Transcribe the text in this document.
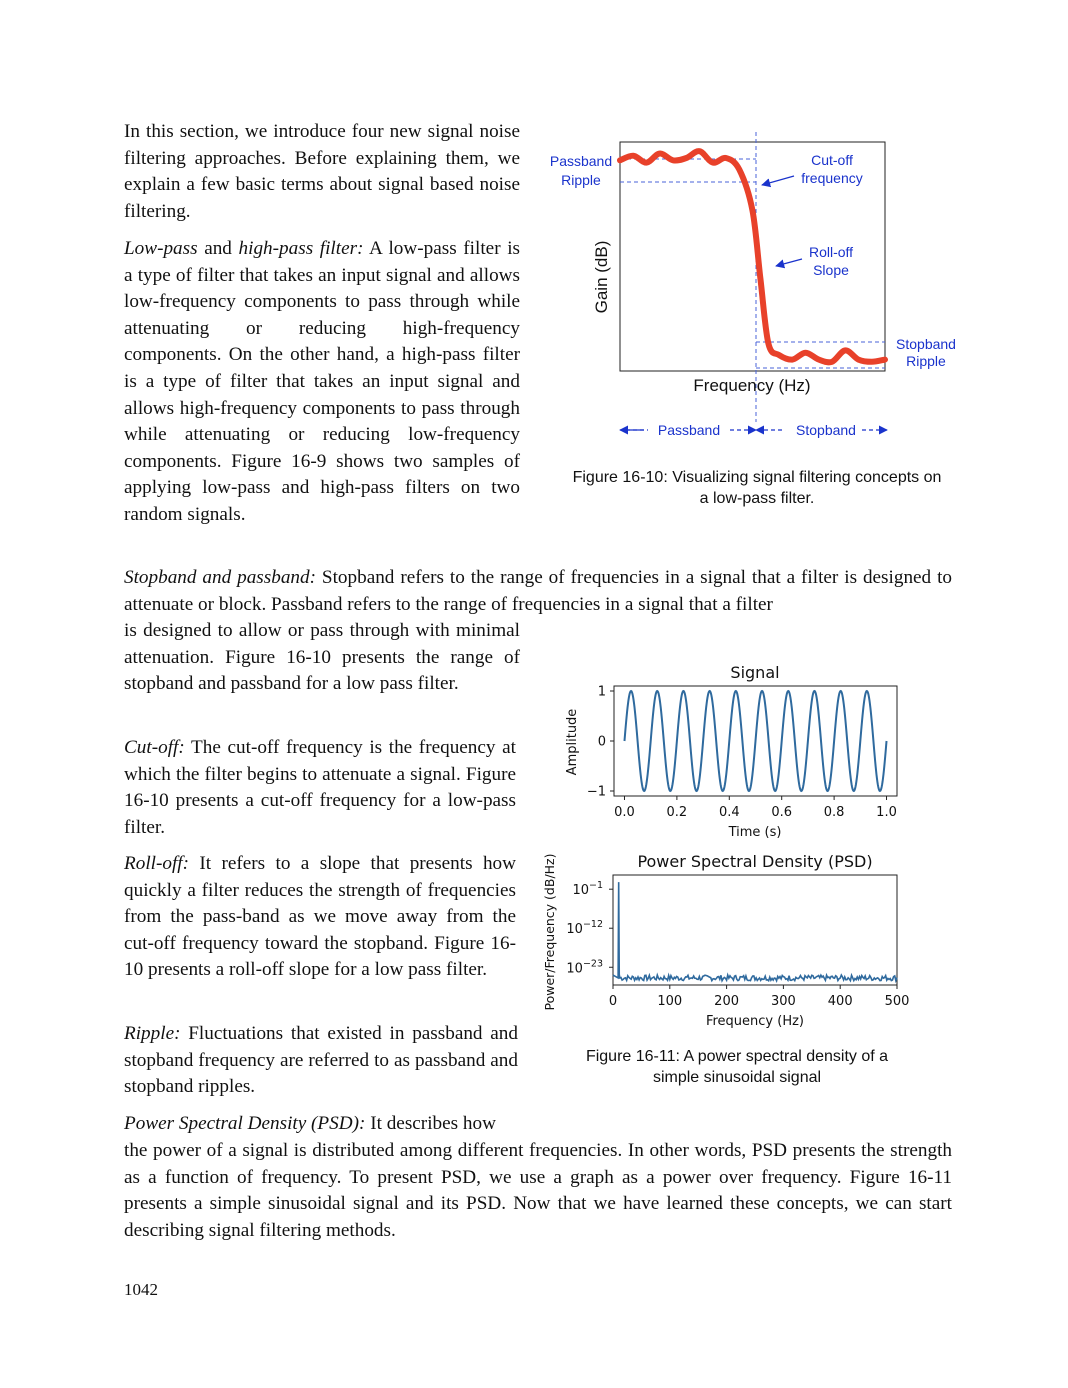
In this section, we introduce four new signal noise filtering approaches. Before explaining them, we explain a few basic terms about signal based noise filtering.

Low-pass and high-pass filter: A low-pass filter is a type of filter that takes an input signal and allows low-frequency components to pass through while attenuating or reducing high-frequency components. On the other hand, a high-pass filter is a type of filter that takes an input signal and allows high-frequency components to pass through while attenuating or reducing low-frequency components. Figure 16-9 shows two samples of applying low-pass and high-pass filters on two random signals.

Stopband and passband: Stopband refers to the range of frequencies in a signal that a filter is designed to attenuate or block. Passband refers to the range of frequencies in a signal that a filter

is designed to allow or pass through with minimal attenuation. Figure 16-10 presents the range of stopband and passband for a low pass filter.

Cut-off: The cut-off frequency is the frequency at which the filter begins to attenuate a signal. Figure 16-10 presents a cut-off frequency for a low-pass filter.

Roll-off: It refers to a slope that presents how quickly a filter reduces the strength of frequencies from the pass-band as we move away from the cut-off frequency toward the stopband. Figure 16-10 presents a roll-off slope for a low pass filter.

Ripple: Fluctuations that existed in passband and stopband frequency are referred to as passband and stopband ripples.

Power Spectral Density (PSD): It describes how

the power of a signal is distributed among different frequencies. In other words, PSD presents the strength as a function of frequency. To present PSD, we use a graph as a power over frequency. Figure 16-11 presents a simple sinusoidal signal and its PSD. Now that we have learned these concepts, we can start describing signal filtering methods.

1042

Frequency (Hz)
Gain (dB)
Passband
Ripple
Cut-off
frequency
Roll-off
Slope
Stopband
Ripple
Passband	Stopband

Figure 16-10: Visualizing signal filtering concepts on
a low-pass filter.

Signal
0.0 0.2 0.4 0.6 0.8 1.0
1
0
−1
Time (s)
Amplitude
Power Spectral Density (PSD)
0	100 200 300 400 500
$10^{-1}$
$10^{-12}$
$10^{-23}$
Frequency (Hz)
Power/Frequency (dB/Hz)

Figure 16-11: A power spectral density of a
simple sinusoidal signal
